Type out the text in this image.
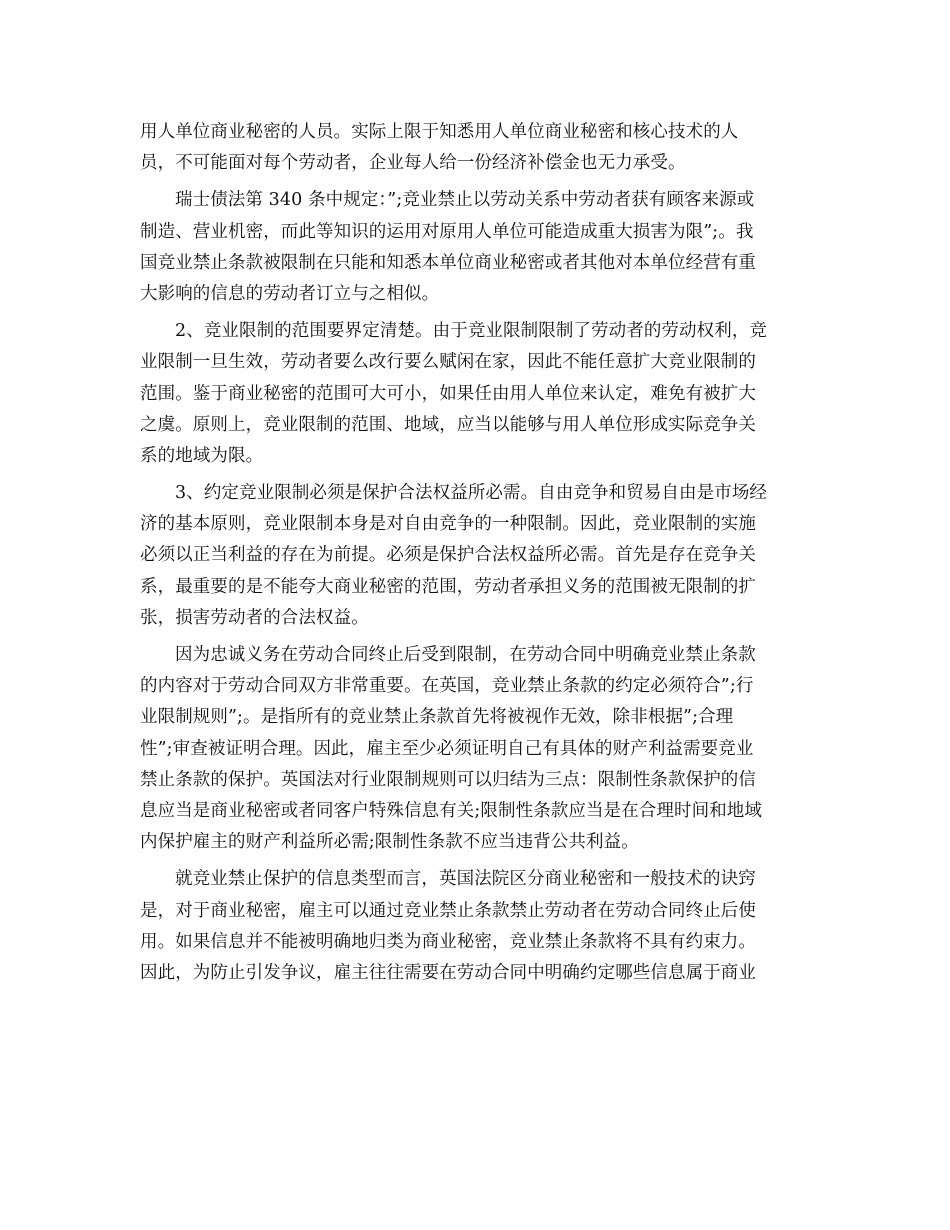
用人单位商业秘密的人员。实际上限于知悉用人单位商业秘密和核心技术的人
员，不可能面对每个劳动者，企业每人给一份经济补偿金也无力承受。
瑞士债法第 340 条中规定：”;竞业禁止以劳动关系中劳动者获有顾客来源或
制造、营业机密，而此等知识的运用对原用人单位可能造成重大损害为限”;。我
国竞业禁止条款被限制在只能和知悉本单位商业秘密或者其他对本单位经营有重
大影响的信息的劳动者订立与之相似。
2、竞业限制的范围要界定清楚。由于竞业限制限制了劳动者的劳动权利，竞
业限制一旦生效，劳动者要么改行要么赋闲在家，因此不能任意扩大竞业限制的
范围。鉴于商业秘密的范围可大可小，如果任由用人单位来认定，难免有被扩大
之虞。原则上，竞业限制的范围、地域，应当以能够与用人单位形成实际竞争关
系的地域为限。
3、约定竞业限制必须是保护合法权益所必需。自由竞争和贸易自由是市场经
济的基本原则，竞业限制本身是对自由竞争的一种限制。因此，竞业限制的实施
必须以正当利益的存在为前提。必须是保护合法权益所必需。首先是存在竞争关
系，最重要的是不能夸大商业秘密的范围，劳动者承担义务的范围被无限制的扩
张，损害劳动者的合法权益。
因为忠诚义务在劳动合同终止后受到限制，在劳动合同中明确竞业禁止条款
的内容对于劳动合同双方非常重要。在英国，竞业禁止条款的约定必须符合”;行
业限制规则”;。是指所有的竞业禁止条款首先将被视作无效，除非根据”;合理
性”;审查被证明合理。因此，雇主至少必须证明自己有具体的财产利益需要竞业
禁止条款的保护。英国法对行业限制规则可以归结为三点：限制性条款保护的信
息应当是商业秘密或者同客户特殊信息有关;限制性条款应当是在合理时间和地域
内保护雇主的财产利益所必需;限制性条款不应当违背公共利益。
就竞业禁止保护的信息类型而言，英国法院区分商业秘密和一般技术的诀窍
是，对于商业秘密，雇主可以通过竞业禁止条款禁止劳动者在劳动合同终止后使
用。如果信息并不能被明确地归类为商业秘密，竞业禁止条款将不具有约束力。
因此，为防止引发争议，雇主往往需要在劳动合同中明确约定哪些信息属于商业
